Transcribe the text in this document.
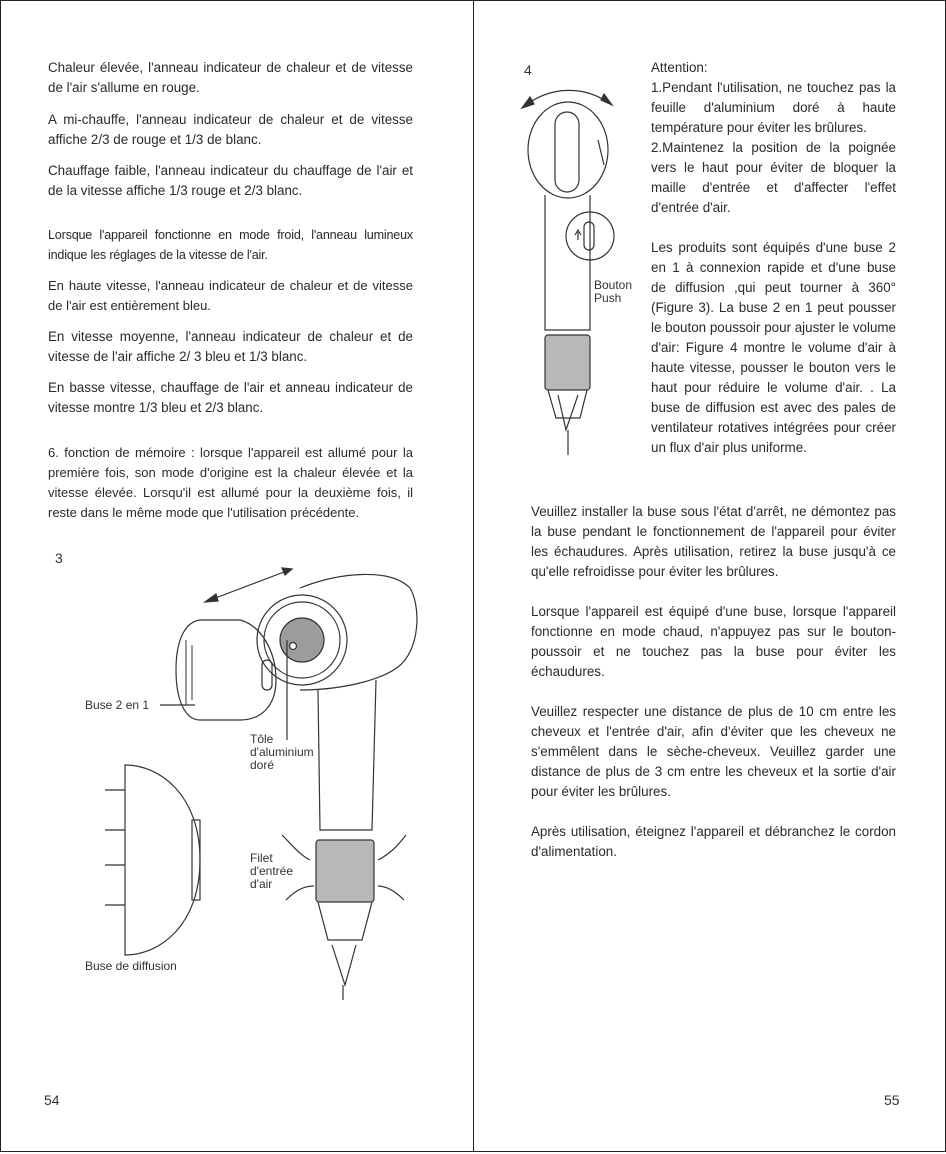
Chaleur élevée, l'anneau indicateur de chaleur et de vitesse de l'air s'allume en rouge.

A mi-chauffe, l'anneau indicateur de chaleur et de vitesse affiche 2/3 de rouge et 1/3 de blanc.

Chauffage faible, l'anneau indicateur du chauffage de l'air et de la vitesse affiche 1/3 rouge et 2/3 blanc.

Lorsque l'appareil fonctionne en mode froid, l'anneau lumineux indique les réglages de la vitesse de l'air.

En haute vitesse, l'anneau indicateur de chaleur et de vitesse de l'air est entièrement bleu.

En vitesse moyenne, l'anneau indicateur de chaleur et de vitesse de l'air affiche 2/ 3 bleu et 1/3 blanc.

En basse vitesse, chauffage de l'air et anneau indicateur de vitesse montre 1/3 bleu et 2/3 blanc.

6. fonction de mémoire : lorsque l'appareil est allumé pour la première fois, son mode d'origine est la chaleur élevée et la vitesse élevée. Lorsqu'il est allumé pour la deuxième fois, il reste dans le même mode que l'utilisation précédente.

3
Buse 2 en 1
Tôle d'aluminium doré
Filet d'entrée d'air
Buse de diffusion
54
4
Bouton Push

Attention:

1.Pendant l'utilisation, ne touchez pas la feuille d'aluminium doré à haute température pour éviter les brûlures.

2.Maintenez la position de la poignée vers le haut pour éviter de bloquer la maille d'entrée et d'affecter l'effet d'entrée d'air.

Les produits sont équipés d'une buse 2 en 1 à connexion rapide et d'une buse de diffusion ,qui peut tourner à 360°(Figure 3). La buse 2 en 1 peut pousser le bouton poussoir pour ajuster le volume d'air: Figure 4 montre le volume d'air à haute vitesse, pousser le bouton vers le haut pour réduire le volume d'air. . La buse de diffusion est avec des pales de ventilateur rotatives intégrées pour créer un flux d'air plus uniforme.

Veuillez installer la buse sous l'état d'arrêt, ne démontez pas la buse pendant le fonctionnement de l'appareil pour éviter les échaudures. Après utilisation, retirez la buse jusqu'à ce qu'elle refroidisse pour éviter les brûlures.

Lorsque l'appareil est équipé d'une buse, lorsque l'appareil fonctionne en mode chaud, n'appuyez pas sur le bouton-poussoir et ne touchez pas la buse pour éviter les échaudures.

Veuillez respecter une distance de plus de 10 cm entre les cheveux et l'entrée d'air, afin d'éviter que les cheveux ne s'emmêlent dans le sèche-cheveux. Veuillez garder une distance de plus de 3 cm entre les cheveux et la sortie d'air pour éviter les brûlures.

Après utilisation, éteignez l'appareil et débranchez le cordon d'alimentation.

55
